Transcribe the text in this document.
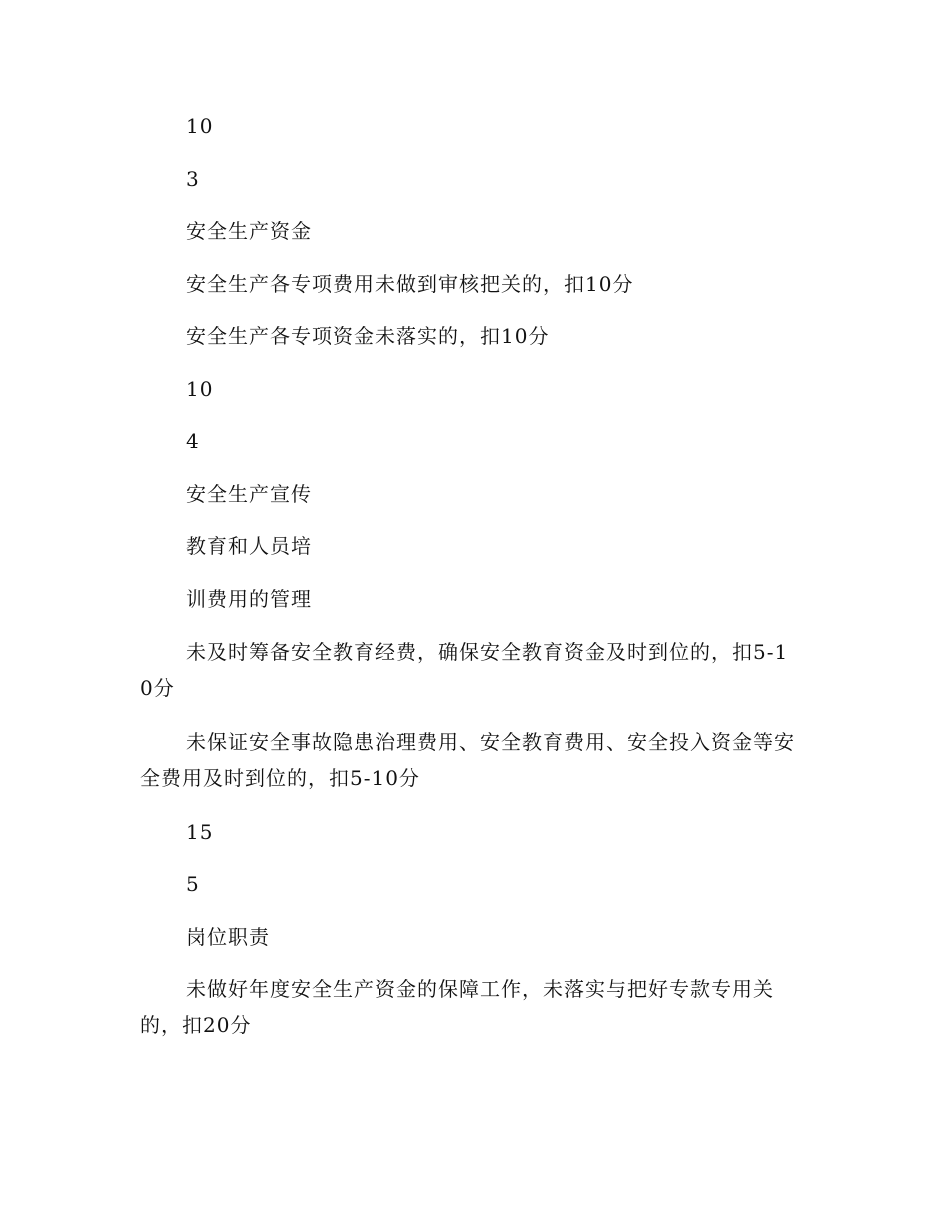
10

3

安全生产资金

安全生产各专项费用未做到审核把关的，扣10分

安全生产各专项资金未落实的，扣10分

10

4

安全生产宣传

教育和人员培

训费用的管理

未及时筹备安全教育经费，确保安全教育资金及时到位的，扣5-10分

未保证安全事故隐患治理费用、安全教育费用、安全投入资金等安全费用及时到位的，扣5-10分

15

5

岗位职责

未做好年度安全生产资金的保障工作，未落实与把好专款专用关的，扣20分
